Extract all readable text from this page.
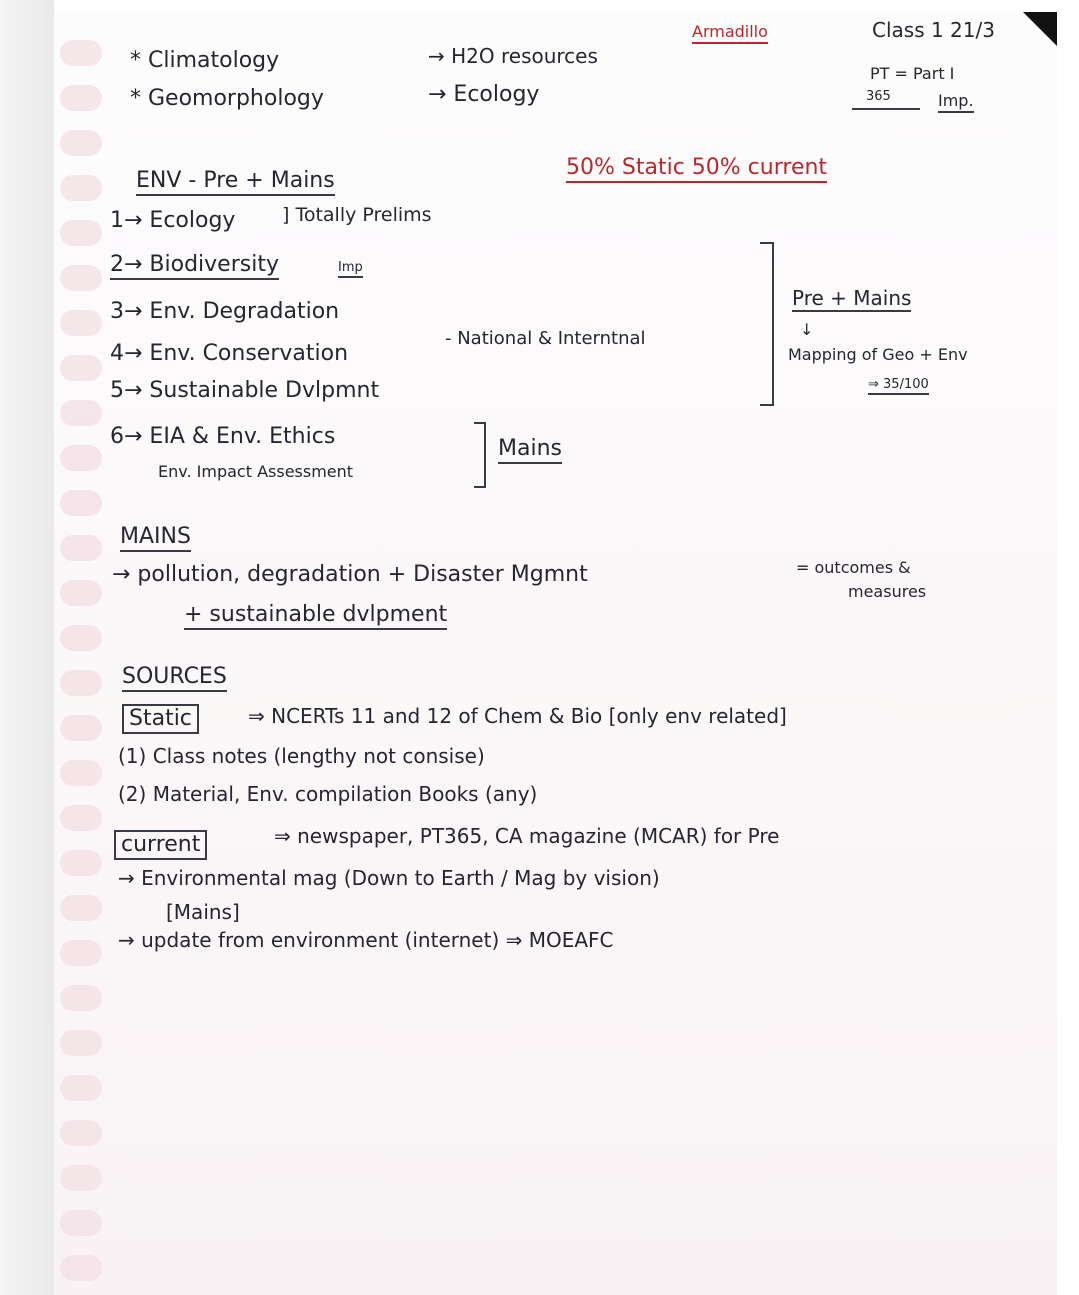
Armadillo	Class 1 21/3
PT = Part I
365	Imp.
* Climatology
* Geomorphology
→ H2O resources
→ Ecology
ENV - Pre + Mains
50% Static 50% current
1→ Ecology ] Totally Prelims
2→ Biodiversity	Imp
3→ Env. Degradation
4→ Env. Conservation
- National & Interntnal
5→ Sustainable Dvlpmnt
6→ EIA & Env. Ethics
Env. Impact Assessment
Mains
Pre + Mains
↓
Mapping of Geo + Env
⇒ 35/100
MAINS
→ pollution, degradation + Disaster Mgmnt
+ sustainable dvlpment
= outcomes &
measures
SOURCES
Static	⇒ NCERTs 11 and 12 of Chem & Bio [only env related]
(1) Class notes (lengthy not consise)
(2) Material, Env. compilation Books (any)
current	⇒ newspaper, PT365, CA magazine (MCAR) for Pre
→ Environmental mag (Down to Earth / Mag by vision)
[Mains]
→ update from environment (internet) ⇒ MOEAFC
